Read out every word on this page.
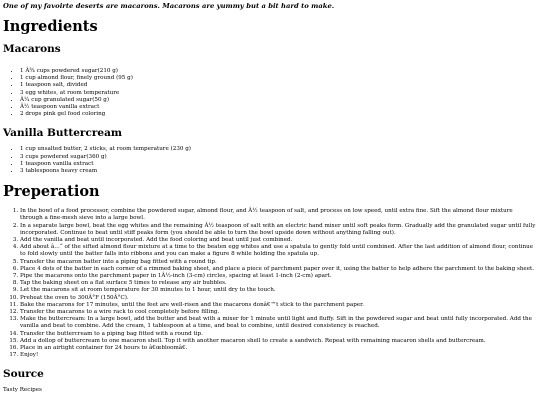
One of my favoirte deserts are macarons. Macarons are yummy but a bit hard to make.

Ingredients
Macarons
• 1 Â¾ cups powdered sugar(210 g)
• 1 cup almond flour, finely ground (95 g)
• 1 teaspoon salt, divided
• 3 egg whites, at room temperature
• Â¼ cup granulated sugar(50 g)
• Â½ teaspoon vanilla extract
• 2 drops pink gel food coloring
Vanilla Buttercream
• 1 cup unsalted butter, 2 sticks, at room temperature (230 g)
• 3 cups powdered sugar(360 g)
• 1 teaspoon vanilla extract
• 3 tablespoons heavy cream
Preperation
1. In the bowl of a food processor, combine the powdered sugar, almond flour, and Â½ teaspoon of salt, and process on low speed, until extra fine. Sift the almond flour mixture through a fine-mesh sieve into a large bowl.
2. In a separate large bowl, beat the egg whites and the remaining Â½ teaspoon of salt with an electric hand mixer until soft peaks form. Gradually add the granulated sugar until fully incorporated. Continue to beat until stiff peaks form (you should be able to turn the bowl upside down without anything falling out).
3. Add the vanilla and beat until incorporated. Add the food coloring and beat until just combined.
4. Add about â…“ of the sifted almond flour mixture at a time to the beaten egg whites and use a spatula to gently fold until combined. After the last addition of almond flour, continue to fold slowly until the batter falls into ribbons and you can make a figure 8 while holding the spatula up.
5. Transfer the macaron batter into a piping bag fitted with a round tip.
6. Place 4 dots of the batter in each corner of a rimmed baking sheet, and place a piece of parchment paper over it, using the batter to help adhere the parchment to the baking sheet.
7. Pipe the macarons onto the parchment paper in 1Â½-inch (3-cm) circles, spacing at least 1-inch (2-cm) apart.
8. Tap the baking sheet on a flat surface 5 times to release any air bubbles.
9. Let the macarons sit at room temperature for 30 minutes to 1 hour, until dry to the touch.
10. Preheat the oven to 300Â°F (150Â°C).
11. Bake the macarons for 17 minutes, until the feet are well-risen and the macarons donâ€™t stick to the parchment paper.
12. Transfer the macarons to a wire rack to cool completely before filling.
13. Make the buttercream: In a large bowl, add the butter and beat with a mixer for 1 minute until light and fluffy. Sift in the powdered sugar and beat until fully incorporated. Add the vanilla and beat to combine. Add the cream, 1 tablespoon at a time, and beat to combine, until desired consistency is reached.
14. Transfer the buttercream to a piping bag fitted with a round tip.
15. Add a dollop of buttercream to one macaron shell. Top it with another macaron shell to create a sandwich. Repeat with remaining macaron shells and buttercream.
16. Place in an airtight container for 24 hours to â€œbloomâ€.
17. Enjoy!
Source

Tasty Recipes
